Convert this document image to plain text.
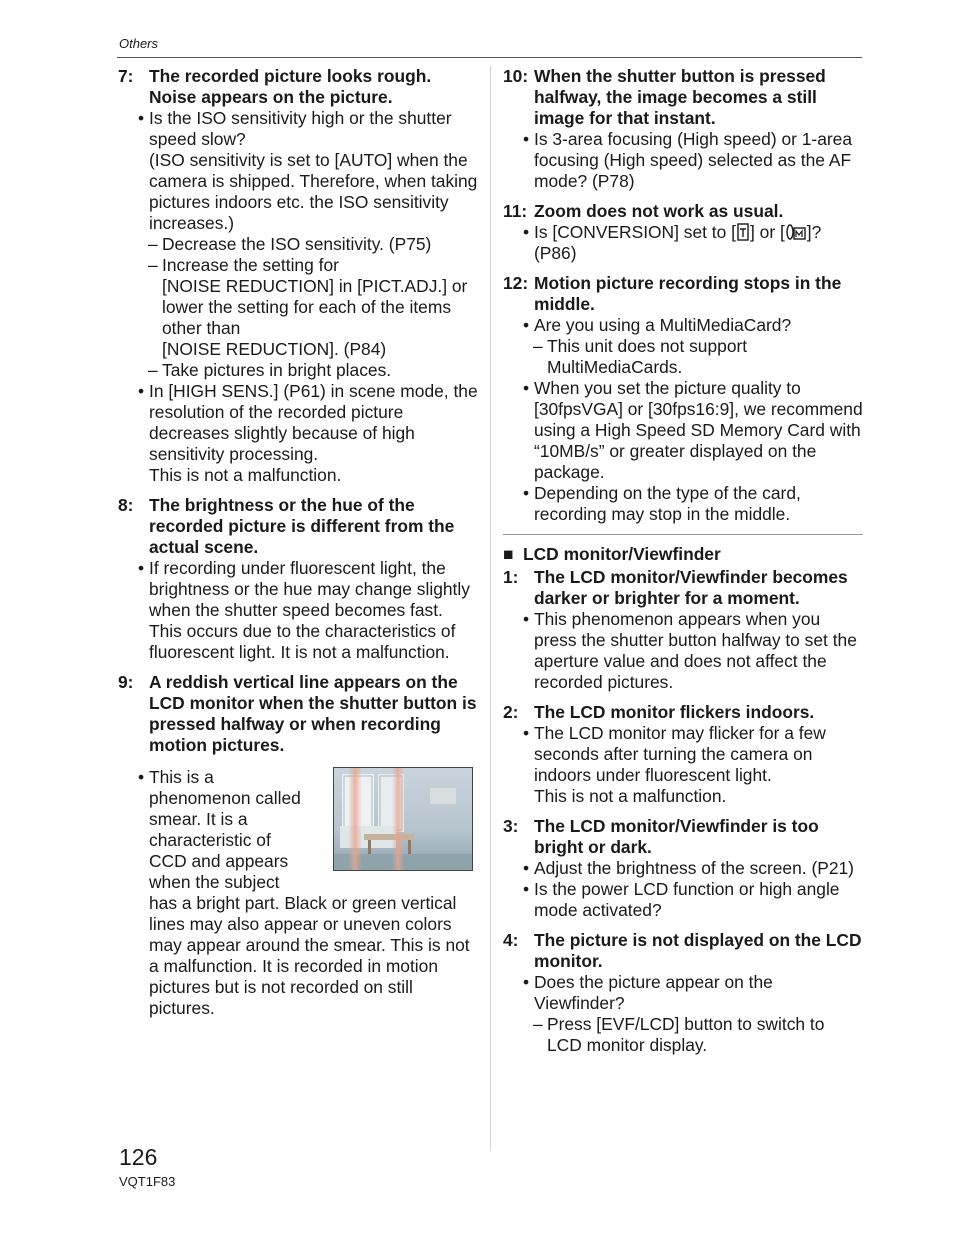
Others
7: The recorded picture looks rough. Noise appears on the picture.
•
Is the ISO sensitivity high or the shutter speed slow?
(ISO sensitivity is set to [AUTO] when the camera is shipped. Therefore, when taking pictures indoors etc. the ISO sensitivity increases.)
–
Decrease the ISO sensitivity. (P75)
–
Increase the setting for
[NOISE REDUCTION] in [PICT.ADJ.] or lower the setting for each of the items other than
[NOISE REDUCTION]. (P84)
–
Take pictures in bright places.
•
In [HIGH SENS.] (P61) in scene mode, the resolution of the recorded picture decreases slightly because of high sensitivity processing.
This is not a malfunction.
8: The brightness or the hue of the recorded picture is different from the actual scene.
•
If recording under fluorescent light, the brightness or the hue may change slightly when the shutter speed becomes fast. This occurs due to the characteristics of fluorescent light. It is not a malfunction.
9: A reddish vertical line appears on the LCD monitor when the shutter button is pressed halfway or when recording motion pictures.
•
This is a
phenomenon called
smear. It is a
characteristic of
CCD and appears
when the subject
has a bright part. Black or green vertical lines may also appear or uneven colors may appear around the smear. This is not a malfunction. It is recorded in motion pictures but is not recorded on still pictures.
10: When the shutter button is pressed halfway, the image becomes a still image for that instant.
•
Is 3-area focusing (High speed) or 1-area focusing (High speed) selected as the AF mode? (P78)
11: Zoom does not work as usual.
•
Is [CONVERSION] set to [ ] or [ ]?
(P86)
12: Motion picture recording stops in the middle.
•
Are you using a MultiMediaCard?
–
This unit does not support MultiMediaCards.
•
When you set the picture quality to [30fpsVGA] or [30fps16:9], we recommend using a High Speed SD Memory Card with “10MB/s” or greater displayed on the package.
•
Depending on the type of the card, recording may stop in the middle.
■ LCD monitor/Viewfinder
1: The LCD monitor/Viewfinder becomes darker or brighter for a moment.
•
This phenomenon appears when you press the shutter button halfway to set the aperture value and does not affect the recorded pictures.
2: The LCD monitor flickers indoors.
•
The LCD monitor may flicker for a few seconds after turning the camera on indoors under fluorescent light.
This is not a malfunction.
3: The LCD monitor/Viewfinder is too bright or dark.
•
Adjust the brightness of the screen. (P21)
•
Is the power LCD function or high angle mode activated?
4: The picture is not displayed on the LCD monitor.
•
Does the picture appear on the Viewfinder?
–
Press [EVF/LCD] button to switch to LCD monitor display.
126
VQT1F83
